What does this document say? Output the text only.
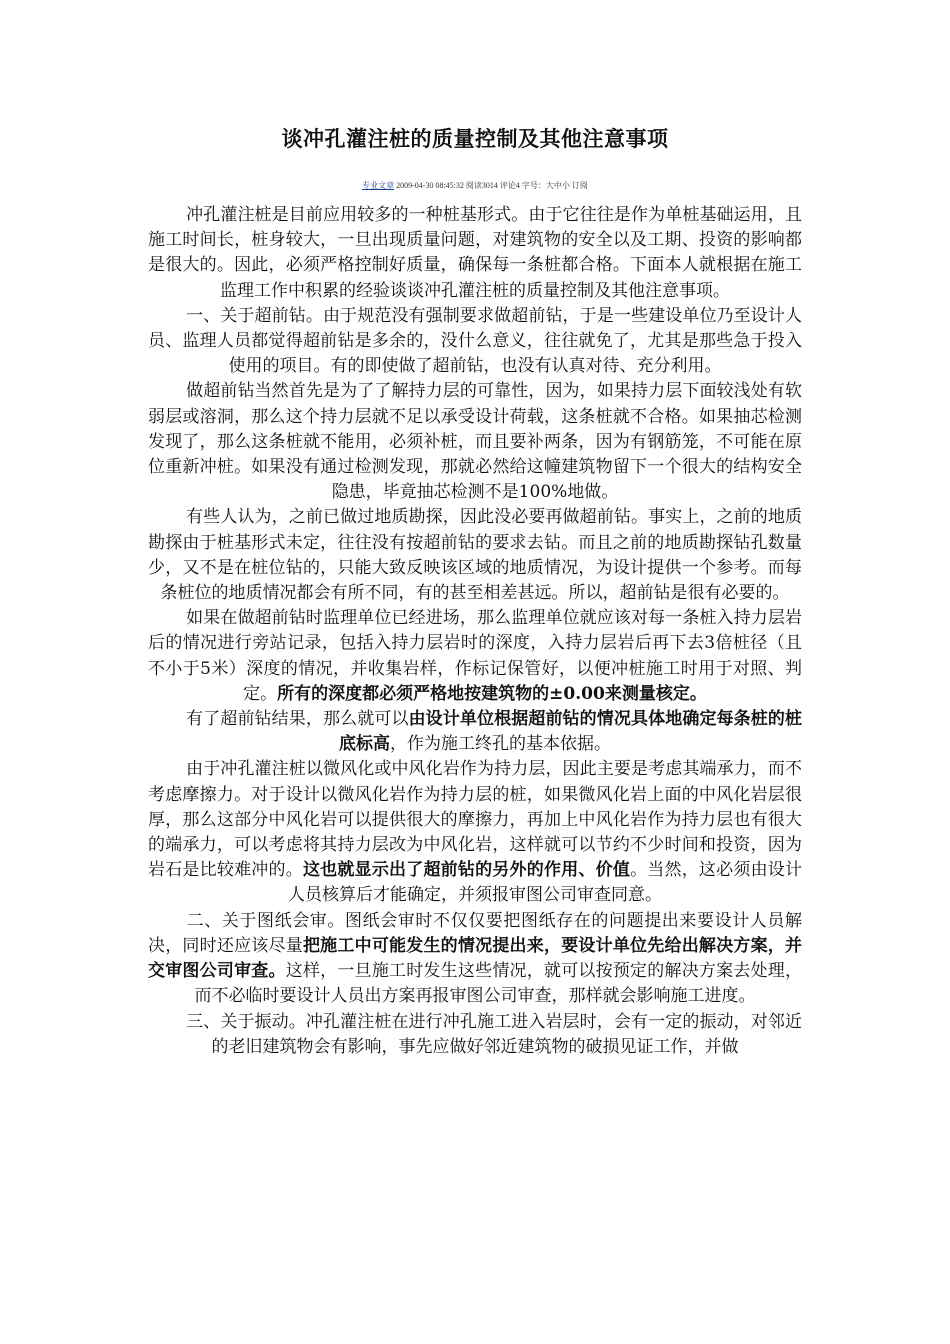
谈冲孔灌注桩的质量控制及其他注意事项
专业文章 2009-04-30 08:45:32 阅读3014 评论4 字号：大中小 订阅

冲孔灌注桩是目前应用较多的一种桩基形式。由于它往往是作为单桩基础运用，且施工时间长，桩身较大，一旦出现质量问题，对建筑物的安全以及工期、投资的影响都是很大的。因此，必须严格控制好质量，确保每一条桩都合格。下面本人就根据在施工监理工作中积累的经验谈谈冲孔灌注桩的质量控制及其他注意事项。

一、关于超前钻。由于规范没有强制要求做超前钻，于是一些建设单位乃至设计人员、监理人员都觉得超前钻是多余的，没什么意义，往往就免了，尤其是那些急于投入使用的项目。有的即使做了超前钻，也没有认真对待、充分利用。

做超前钻当然首先是为了了解持力层的可靠性，因为，如果持力层下面较浅处有软弱层或溶洞，那么这个持力层就不足以承受设计荷载，这条桩就不合格。如果抽芯检测发现了，那么这条桩就不能用，必须补桩，而且要补两条，因为有钢筋笼，不可能在原位重新冲桩。如果没有通过检测发现，那就必然给这幢建筑物留下一个很大的结构安全隐患，毕竟抽芯检测不是100%地做。

有些人认为，之前已做过地质勘探，因此没必要再做超前钻。事实上，之前的地质勘探由于桩基形式未定，往往没有按超前钻的要求去钻。而且之前的地质勘探钻孔数量少，又不是在桩位钻的，只能大致反映该区域的地质情况，为设计提供一个参考。而每条桩位的地质情况都会有所不同，有的甚至相差甚远。所以，超前钻是很有必要的。

如果在做超前钻时监理单位已经进场，那么监理单位就应该对每一条桩入持力层岩后的情况进行旁站记录，包括入持力层岩时的深度，入持力层岩后再下去3倍桩径（且不小于5米）深度的情况，并收集岩样，作标记保管好，以便冲桩施工时用于对照、判定。所有的深度都必须严格地按建筑物的±0.00来测量核定。

有了超前钻结果，那么就可以由设计单位根据超前钻的情况具体地确定每条桩的桩底标高，作为施工终孔的基本依据。

由于冲孔灌注桩以微风化或中风化岩作为持力层，因此主要是考虑其端承力，而不考虑摩擦力。对于设计以微风化岩作为持力层的桩，如果微风化岩上面的中风化岩层很厚，那么这部分中风化岩可以提供很大的摩擦力，再加上中风化岩作为持力层也有很大的端承力，可以考虑将其持力层改为中风化岩，这样就可以节约不少时间和投资，因为岩石是比较难冲的。这也就显示出了超前钻的另外的作用、价值。当然，这必须由设计人员核算后才能确定，并须报审图公司审查同意。

二、关于图纸会审。图纸会审时不仅仅要把图纸存在的问题提出来要设计人员解决，同时还应该尽量把施工中可能发生的情况提出来，要设计单位先给出解决方案，并交审图公司审查。这样，一旦施工时发生这些情况，就可以按预定的解决方案去处理，而不必临时要设计人员出方案再报审图公司审查，那样就会影响施工进度。

三、关于振动。冲孔灌注桩在进行冲孔施工进入岩层时，会有一定的振动，对邻近的老旧建筑物会有影响，事先应做好邻近建筑物的破损见证工作，并做
